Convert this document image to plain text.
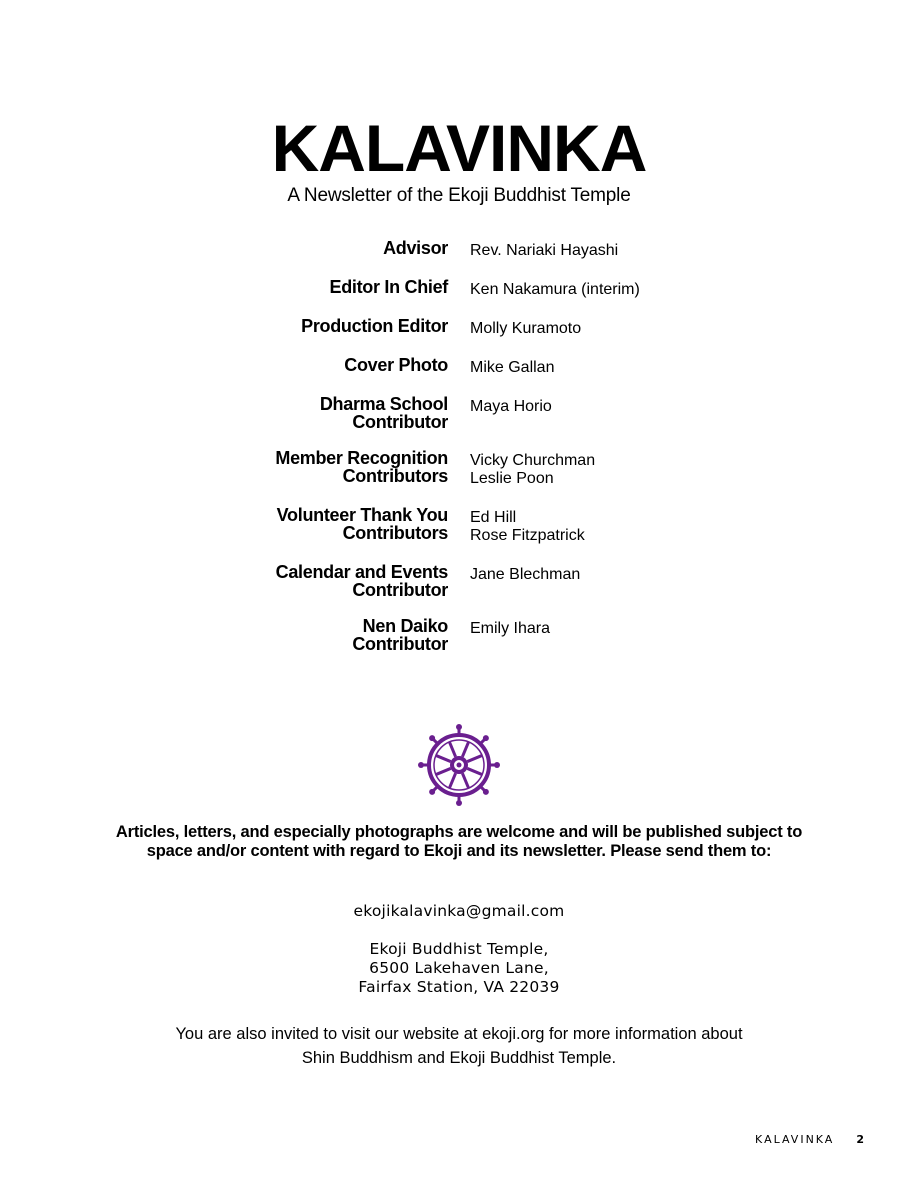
KALAVINKA
A Newsletter of the Ekoji Buddhist Temple
Advisor Rev. Nariaki Hayashi
Editor In Chief Ken Nakamura (interim)
Production Editor Molly Kuramoto
Cover Photo Mike Gallan
Dharma School
Contributor
Maya Horio
Member Recognition
Contributors
Vicky Churchman
Leslie Poon
Volunteer Thank You
Contributors
Ed Hill
Rose Fitzpatrick
Calendar and Events
Contributor
Jane Blechman
Nen Daiko
Contributor
Emily Ihara
Articles, letters, and especially photographs are welcome and will be published subject to
space and/or content with regard to Ekoji and its newsletter. Please send them to:
ekojikalavinka@gmail.com
Ekoji Buddhist Temple,
6500 Lakehaven Lane,
Fairfax Station, VA 22039
You are also invited to visit our website at ekoji.org for more information about
Shin Buddhism and Ekoji Buddhist Temple.
KALAVINKA 2
